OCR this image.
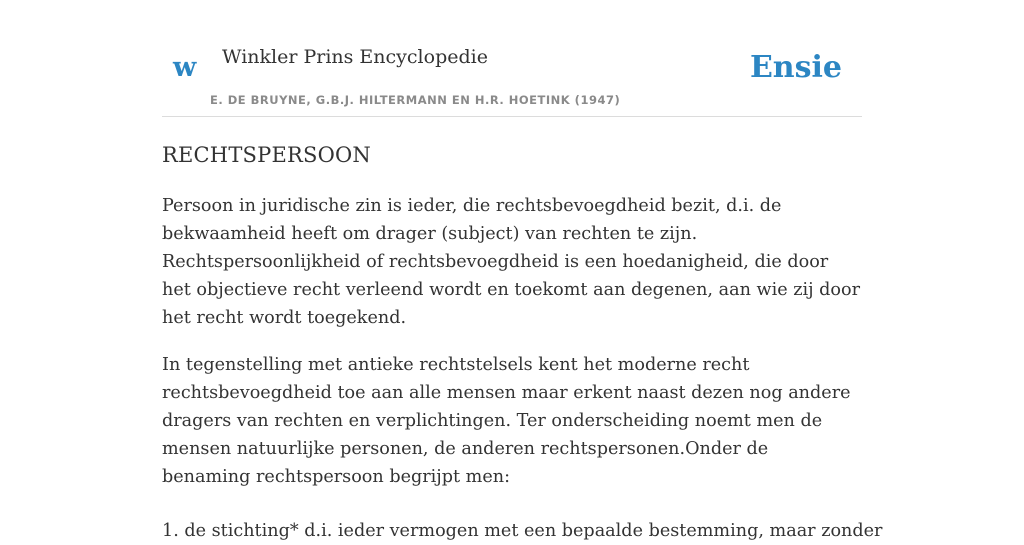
w Winkler Prins Encyclopedie
E. DE BRUYNE, G.B.J. HILTERMANN EN H.R. HOETINK (1947)
Ensie
RECHTSPERSOON

Persoon in juridische zin is ieder, die rechtsbevoegdheid bezit, d.i. de bekwaamheid heeft om drager (subject) van rechten te zijn. Rechtspersoonlijkheid of rechtsbevoegdheid is een hoedanigheid, die door het objectieve recht verleend wordt en toekomt aan degenen, aan wie zij door het recht wordt toegekend.

In tegenstelling met antieke rechtstelsels kent het moderne recht rechtsbevoegdheid toe aan alle mensen maar erkent naast dezen nog andere dragers van rechten en verplichtingen. Ter onderscheiding noemt men de mensen natuurlijke personen, de anderen rechtspersonen.Onder de benaming rechtspersoon begrijpt men:

1. de stichting* d.i. ieder vermogen met een bepaalde bestemming, maar zonder
